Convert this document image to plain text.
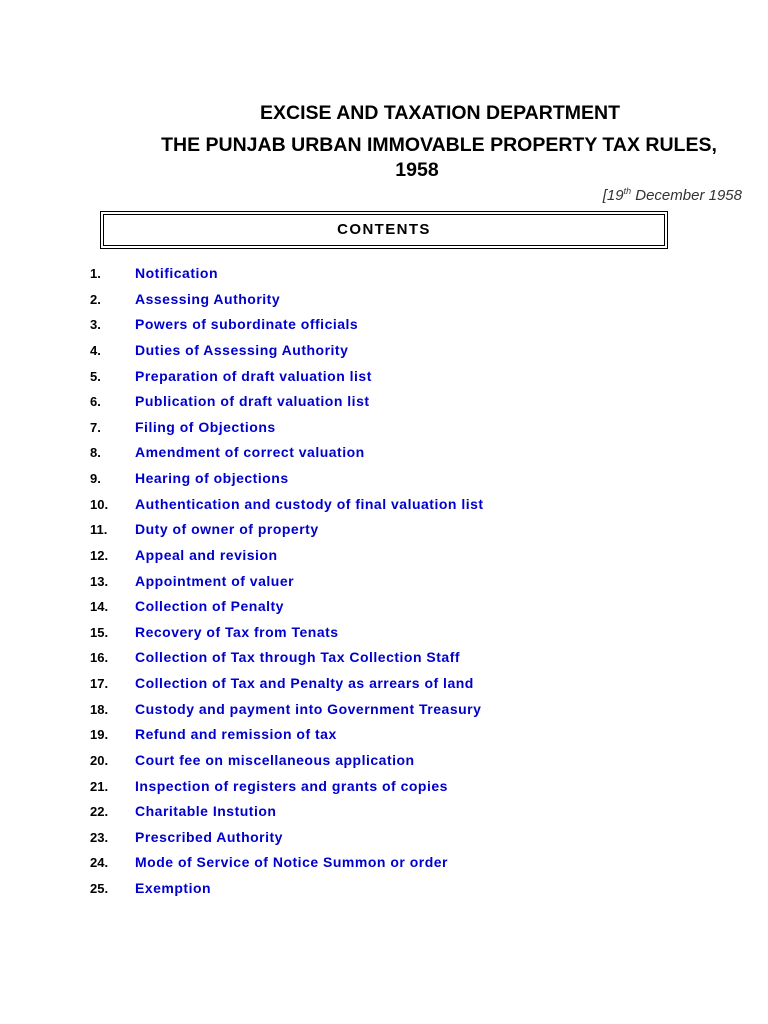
EXCISE AND TAXATION DEPARTMENT
THE PUNJAB URBAN IMMOVABLE PROPERTY TAX RULES,
1958
[19th December 1958
CONTENTS
1. Notification
2. Assessing Authority
3. Powers of subordinate officials
4. Duties of Assessing Authority
5. Preparation of draft valuation list
6. Publication of draft valuation list
7. Filing of Objections
8. Amendment of correct valuation
9. Hearing of objections
10. Authentication and custody of final valuation list
11. Duty of owner of property
12. Appeal and revision
13. Appointment of valuer
14. Collection of Penalty
15. Recovery of Tax from Tenats
16. Collection of Tax through Tax Collection Staff
17. Collection of Tax and Penalty as arrears of land
18. Custody and payment into Government Treasury
19. Refund and remission of tax
20. Court fee on miscellaneous application
21. Inspection of registers and grants of copies
22. Charitable Instution
23. Prescribed Authority
24. Mode of Service of Notice Summon or order
25. Exemption
